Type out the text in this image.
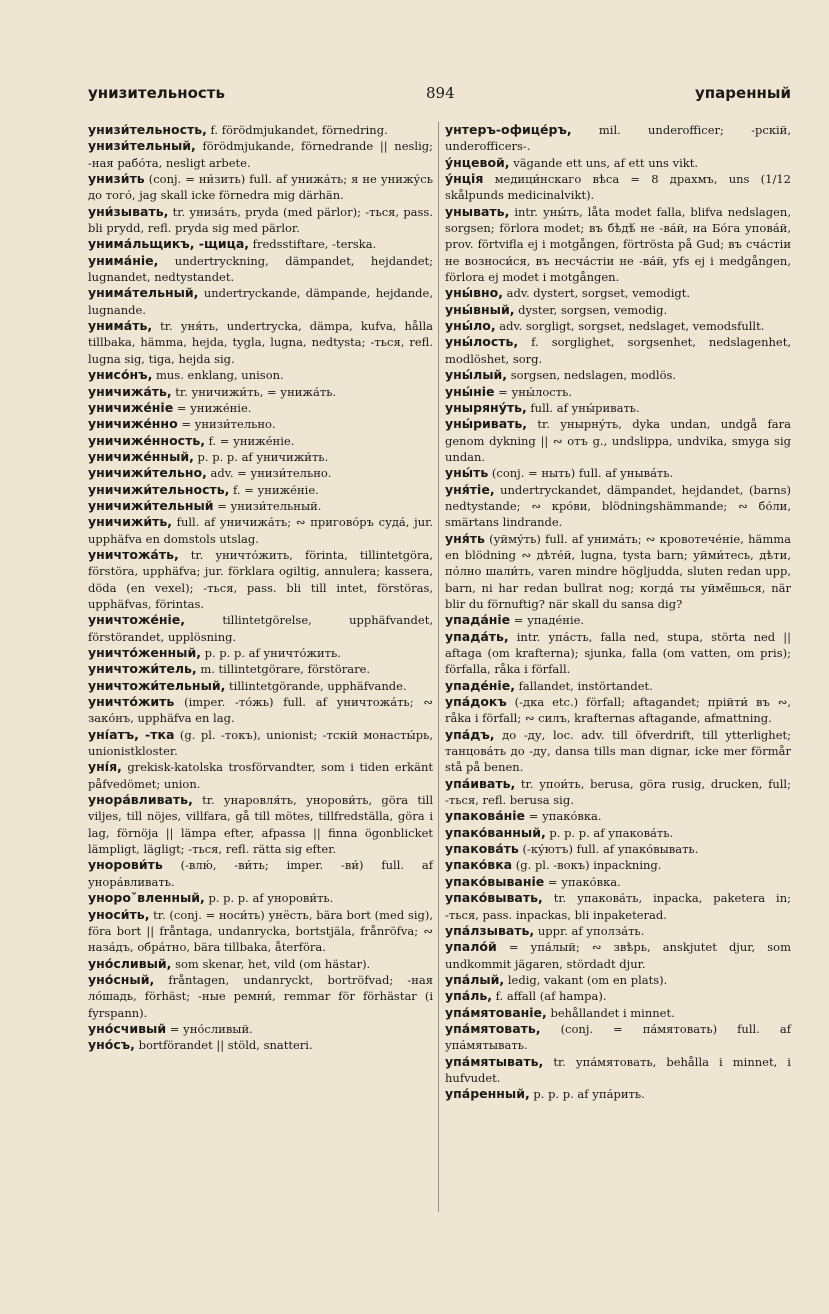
унизительность	894	упаренный

унизи́тельность, f. förödmjukandet, förnedring.

унизи́тельный, förödmjukande, förnedrande || neslig; -ная рабо́та, nesligt arbete.

унизи́ть (conj. = ни́зить) full. af унижа́ть; я не унижу́сь до того́, jag skall icke förnedra mig därhän.

уни́зывать, tr. униза́ть, pryda (med pärlor); -ться, pass. bli prydd, refl. pryda sig med pärlor.

унима́льщикъ, -щица, fredsstiftare, -terska.

унима́ніе, undertryckning, dämpandet, hejdandet; lugnandet, nedtystandet.

унима́тельный, undertryckande, dämpande, hejdande, lugnande.

унима́ть, tr. уня́ть, undertrycka, dämpa, kufva, hålla tillbaka, hämma, hejda, tygla, lugna, nedtysta; -ться, refl. lugna sig, tiga, hejda sig.

унисо́нъ, mus. enklang, unison.

уничижа́ть, tr. уничижи́ть, = унижа́ть.

уничиже́ніе = униже́ніе.

уничиже́нно = унизи́тельно.

уничиже́нность, f. = униже́ніе.

уничиже́нный, p. p. p. af уничижи́ть.

уничижи́тельно, adv. = унизи́тельно.

уничижи́тельность, f. = униже́ніе.

уничижи́тельный = унизи́тельный.

уничижи́ть, full. af уничижа́ть; ∾ пригово́ръ суда́, jur. upphäfva en domstols utslag.

уничтожа́ть, tr. уничто́жить, förinta, tillintetgöra, förstöra, upphäfva; jur. förklara ogiltig, annulera; kassera, döda (en vexel); -ться, pass. bli till intet, förstöras, upphäfvas, förintas.

уничтоже́ніе, tillintetgörelse, upphäfvandet, förstörandet, upplösning.

уничто́женный, p. p. p. af уничто́жить.

уничтожи́тель, m. tillintetgörare, förstörare.

уничтожи́тельный, tillintetgörande, upphäfvande.

уничто́жить (imper. -то́жь) full. af уничтожа́ть; ∾ зако́нъ, upphäfva en lag.

уні́атъ, -тка (g. pl. -токъ), unionist; -тскій монасты́рь, unionistkloster.

уні́я, grekisk-katolska trosförvandter, som i tiden erkänt påfvedömet; union.

унора́вливать, tr. унаровля́ть, унорови́ть, göra till viljes, till nöjes, villfara, gå till mötes, tillfredställa, göra i lag, förnöja || lämpa efter, afpassa || finna ögonblicket lämpligt, lägligt; -ться, refl. rätta sig efter.

унорови́ть (-влю́, -ви́ть; imper. -ви́) full. af унора́вливать.

унороˇвленный, p. p. p. af унорови́ть.

уноси́ть, tr. (conj. = носи́ть) унёсть, bära bort (med sig), föra bort || fråntaga, undanrycka, bortstjäla, frånröfva; ∾ наза́дъ, обра́тно, bära tillbaka, återföra.

уно́сливый, som skenar, het, vild (om hästar).

уно́сный, fråntagen, undanryckt, bortröfvad; -ная ло́шадь, förhäst; -ные ремни́, remmar för förhästar (i fyrspann).

уно́счивый = уно́сливый.

уно́съ, bortförandet || stöld, snatteri.

унтеръ-офице́ръ, mil. underofficer; -рскій, underofficers-.

у́нцевой, vägande ett uns, af ett uns vikt.

у́нція медици́нскаго вѣса = 8 драхмъ, uns (1/12 skålpunds medicinalvikt).

унывать, intr. уны́ть, låta modet falla, blifva nedslagen, sorgsen; förlora modet; въ бѣдѣ́ не -ва́й, на Бо́га упова́й, prov. förtvifla ej i motgången, förtrösta på Gud; въ сча́стіи не возноси́ся, въ несча́стіи не -ва́й, yfs ej i medgången, förlora ej modet i motgången.

уны́вно, adv. dystert, sorgset, vemodigt.

уны́вный, dyster, sorgsen, vemodig.

уны́ло, adv. sorgligt, sorgset, nedslaget, vemodsfullt.

уны́лость, f. sorglighet, sorgsenhet, nedslagenhet, modlöshet, sorg.

уны́лый, sorgsen, nedslagen, modlös.

уны́ніе = уны́лость.

уныряну́ть, full. af уны́ривать.

уны́ривать, tr. унырну́ть, dyka undan, undgå fara genom dykning || ∾ отъ g., undslippa, undvika, smyga sig undan.

уны́ть (conj. = ныть) full. af унывáть.

уня́тіе, undertryckandet, dämpandet, hejdandet, (barns) nedtystande; ∾ кро́ви, blödningshämmande; ∾ бо́ли, smärtans lindrande.

уня́ть (уйму́ть) full. af унима́ть; ∾ кровотече́ніе, hämma en blödning ∾ дѣте́й, lugna, tysta barn; уйми́тесь, дѣти, по́лно шали́ть, varen mindre högljudda, sluten redan upp, barn, ni har redan bullrat nog; когда́ ты уймё́шься, när blir du förnuftig? när skall du sansa dig?

упада́ніе = упаде́ніе.

упада́ть, intr. упа́сть, falla ned, stupa, störta ned || aftaga (om krafterna); sjunka, falla (om vatten, om pris); förfalla, råka i förfall.

упаде́ніе, fallandet, instörtandet.

упа́докъ (-дка etc.) förfall; aftagandet; прійти́ въ ∾, råka i förfall; ∾ силъ, krafternas aftagande, afmattning.

упа́дъ, до -ду, loc. adv. till öfverdrift, till ytterlighet; танцова́ть до -ду, dansa tills man dignar, icke mer förmår stå på benen.

упа́ивать, tr. упои́ть, berusa, göra rusig, drucken, full; -ться, refl. berusa sig.

упакова́ніе = упако́вка.

упако́ванный, p. p. p. af упакова́ть.

упакова́ть (-ку́ютъ) full. af упако́вывать.

упако́вка (g. pl. -вокъ) inpackning.

упако́вываніе = упако́вка.

упако́вывать, tr. упакова́ть, inpacka, paketera in; -ться, pass. inpackas, bli inpaketerad.

упа́лзывать, uppr. af уполза́ть.

упало́й = упа́лый; ∾ звѣрь, anskjutet djur, som undkommit jägaren, stördadt djur.

упа́лый, ledig, vakant (om en plats).

упа́ль, f. affall (af hampa).

упа́мятованіе, behållandet i minnet.

упа́мятовать, (conj. = па́мятовать) full. af упа́мятывать.

упа́мятывать, tr. упа́мятовать, behålla i minnet, i hufvudet.

упа́ренный, p. p. p. af упа́рить.
